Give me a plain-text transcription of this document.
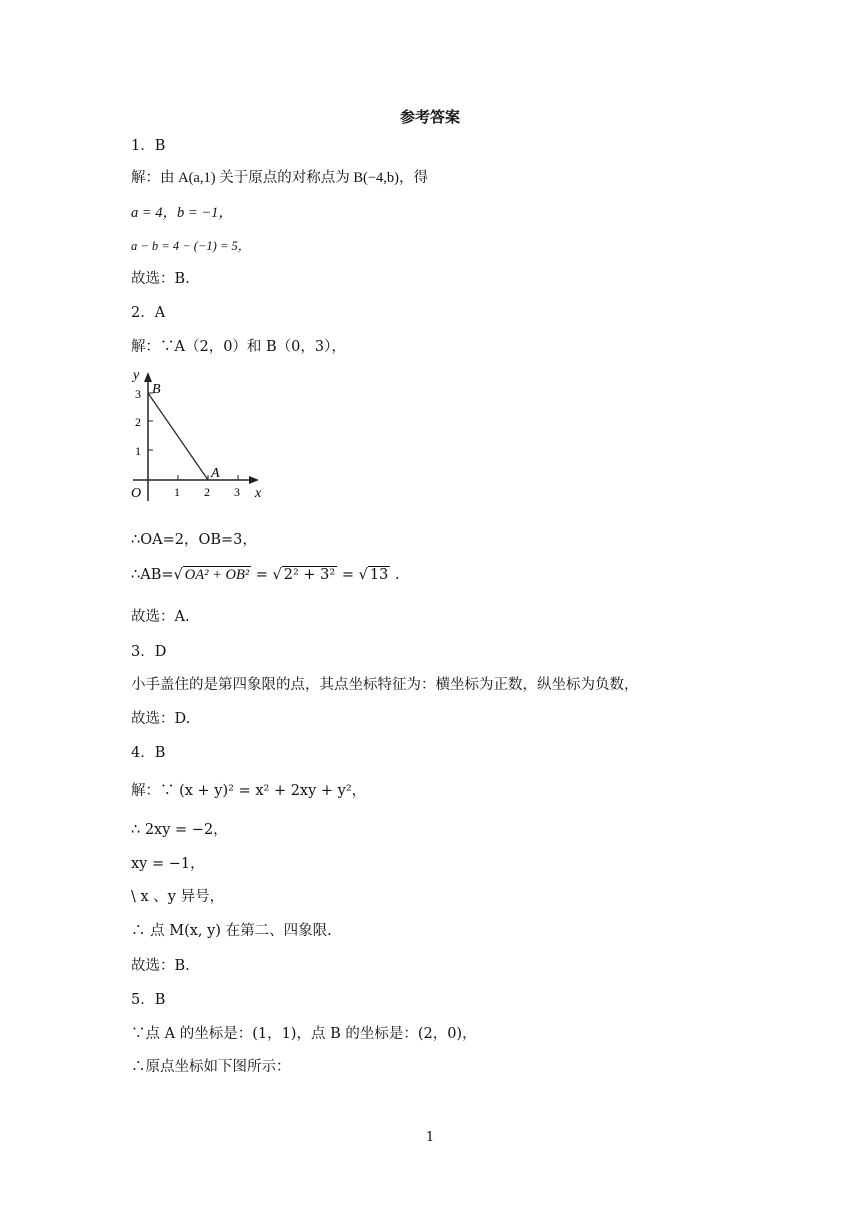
参考答案
1．B
解：由 A(a,1) 关于原点的对称点为 B(−4,b)，得
a = 4，b = −1，
a − b = 4 − (−1) = 5，
故选：B.
2．A
解：∵A（2，0）和 B（0，3），
y
x
O
B
A
1 2 3
1
2
3
∴OA=2，OB=3，
∴AB=√ OA² + OB² = √ 2² + 3² = √ 13 .
故选：A.
3．D
小手盖住的是第四象限的点，其点坐标特征为：横坐标为正数，纵坐标为负数，
故选：D.
4．B
解：∵ (x + y)² = x² + 2xy + y²，
∴ 2xy = −2，
xy = −1，
\ x 、y 异号，
∴ 点 M(x, y) 在第二、四象限.
故选：B.
5．B
∵点 A 的坐标是：(1，1)，点 B 的坐标是：(2，0)，
∴原点坐标如下图所示：
1
